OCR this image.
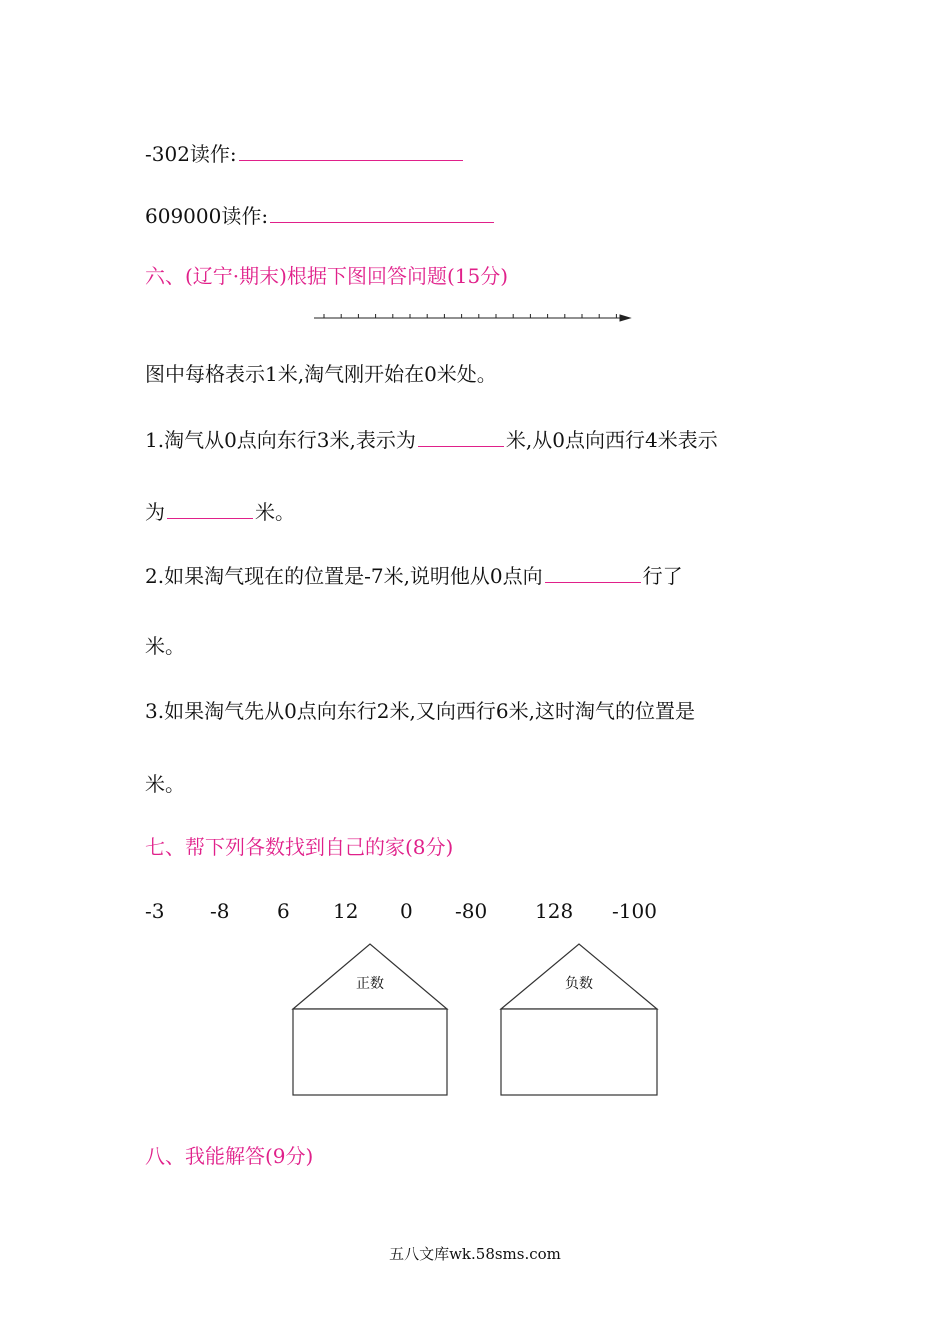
-302读作:
609000读作:
六、(辽宁·期末)根据下图回答问题(15分)
图中每格表示1米,淘气刚开始在0米处。
1.淘气从0点向东行3米,表示为	米,从0点向西行4米表示
为	米。
2.如果淘气现在的位置是-7米,说明他从0点向	行了
米。
3.如果淘气先从0点向东行2米,又向西行6米,这时淘气的位置是
米。
七、帮下列各数找到自己的家(8分)
-3 -8 6 12 0 -80 128 -100
正数	负数
八、我能解答(9分)
五八文库wk.58sms.com
